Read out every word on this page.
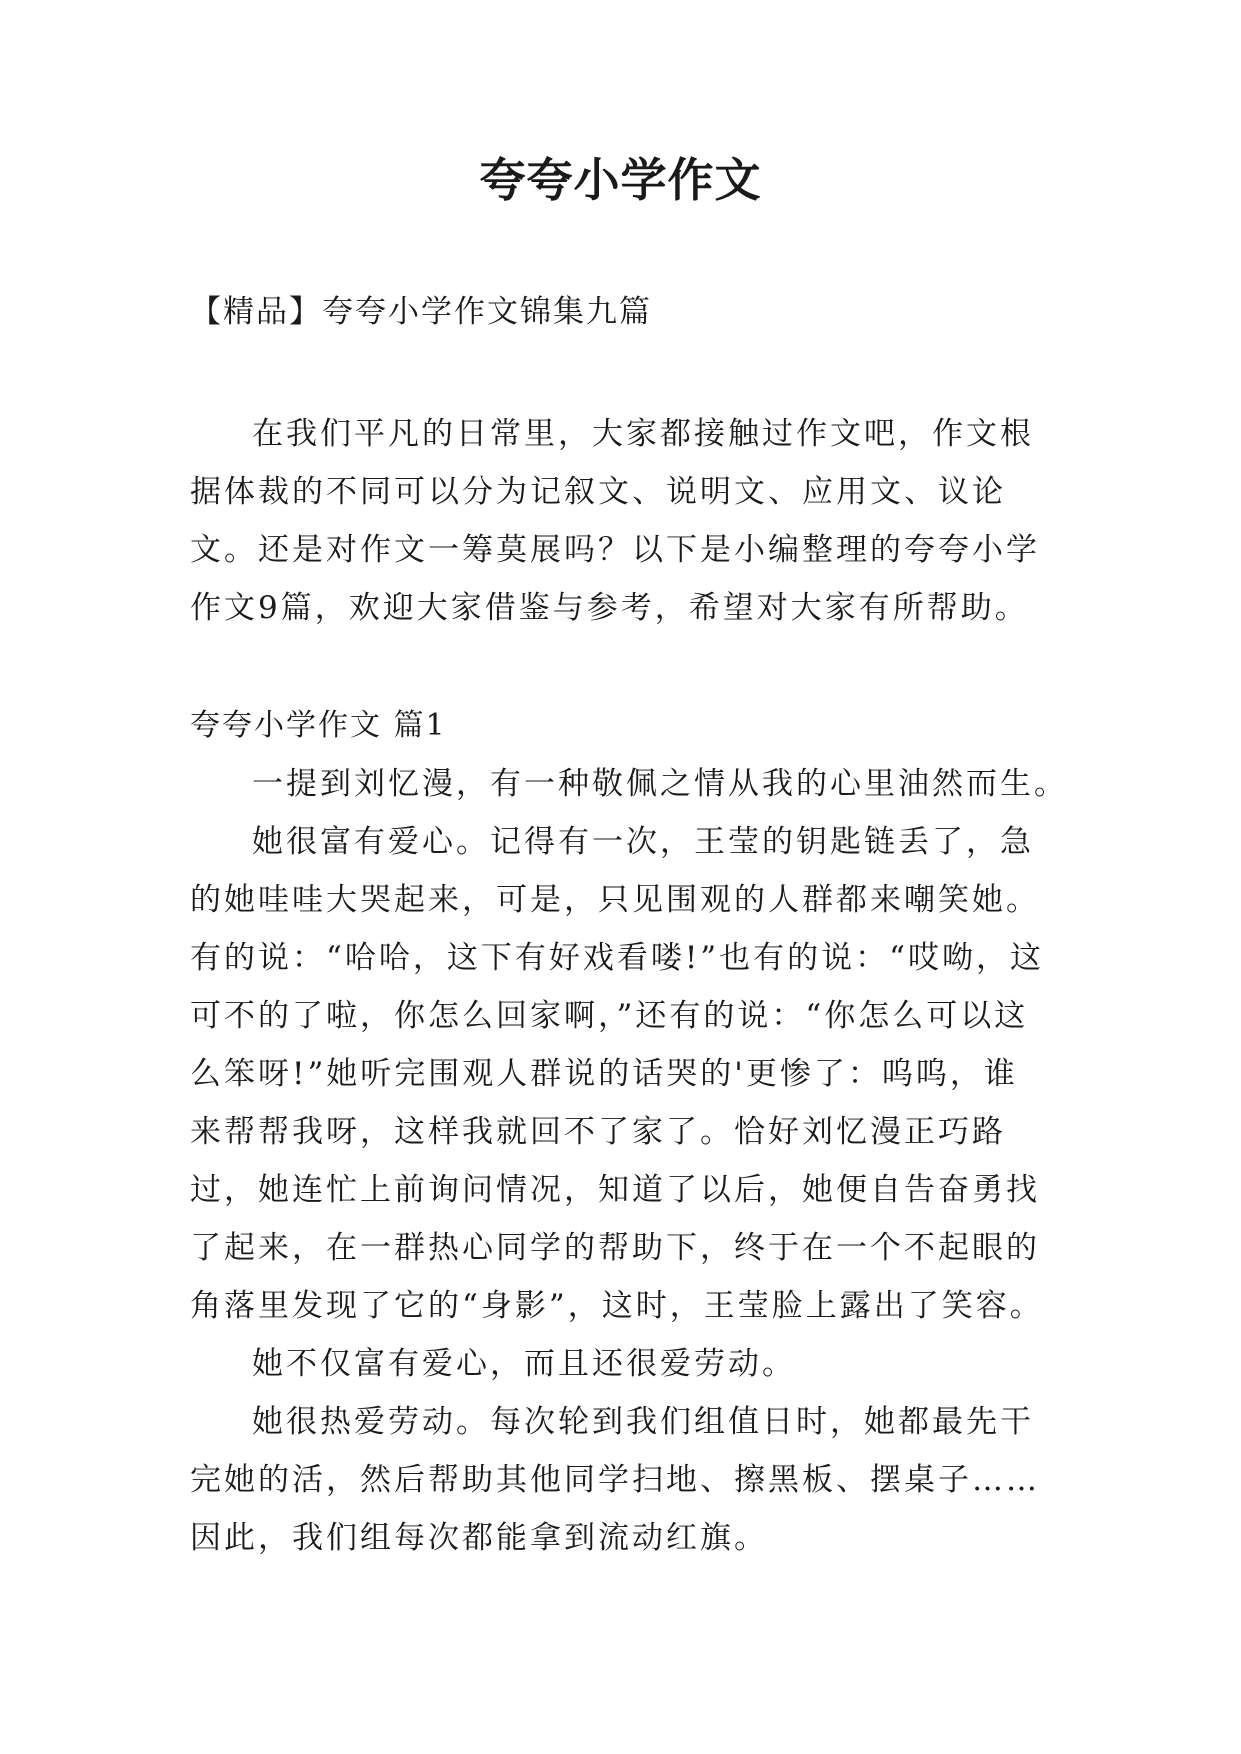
夸夸小学作文
【精品】夸夸小学作文锦集九篇

在我们平凡的日常里，大家都接触过作文吧，作文根据体裁的不同可以分为记叙文、说明文、应用文、议论文。还是对作文一筹莫展吗？以下是小编整理的夸夸小学作文9篇，欢迎大家借鉴与参考，希望对大家有所帮助。

夸夸小学作文 篇1

一提到刘忆漫，有一种敬佩之情从我的心里油然而生。

她很富有爱心。记得有一次，王莹的钥匙链丢了，急的她哇哇大哭起来，可是，只见围观的人群都来嘲笑她。有的说：“哈哈，这下有好戏看喽!”也有的说：“哎呦，这可不的了啦，你怎么回家啊，”还有的说：“你怎么可以这么笨呀!”她听完围观人群说的话哭的'更惨了：呜呜，谁来帮帮我呀，这样我就回不了家了。恰好刘忆漫正巧路过，她连忙上前询问情况，知道了以后，她便自告奋勇找了起来，在一群热心同学的帮助下，终于在一个不起眼的角落里发现了它的“身影”，这时，王莹脸上露出了笑容。

她不仅富有爱心，而且还很爱劳动。

她很热爱劳动。每次轮到我们组值日时，她都最先干完她的活，然后帮助其他同学扫地、擦黑板、摆桌子……因此，我们组每次都能拿到流动红旗。
